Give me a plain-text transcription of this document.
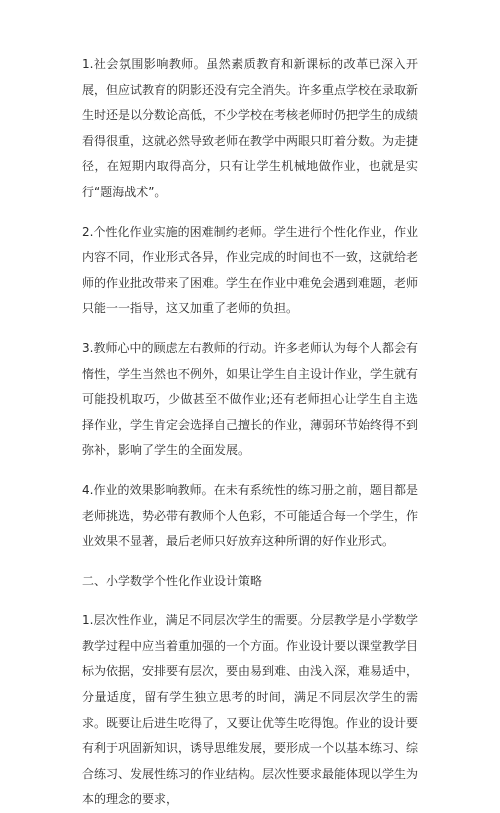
1.社会氛围影响教师。虽然素质教育和新课标的改革已深入开展，但应试教育的阴影还没有完全消失。许多重点学校在录取新生时还是以分数论高低，不少学校在考核老师时仍把学生的成绩看得很重，这就必然导致老师在教学中两眼只盯着分数。为走捷径，在短期内取得高分，只有让学生机械地做作业，也就是实行“题海战术”。

2.个性化作业实施的困难制约老师。学生进行个性化作业，作业内容不同，作业形式各异，作业完成的时间也不一致，这就给老师的作业批改带来了困难。学生在作业中难免会遇到难题，老师只能一一指导，这又加重了老师的负担。

3.教师心中的顾虑左右教师的行动。许多老师认为每个人都会有惰性，学生当然也不例外，如果让学生自主设计作业，学生就有可能投机取巧，少做甚至不做作业;还有老师担心让学生自主选择作业，学生肯定会选择自己擅长的作业，薄弱环节始终得不到弥补，影响了学生的全面发展。

4.作业的效果影响教师。在未有系统性的练习册之前，题目都是老师挑选，势必带有教师个人色彩，不可能适合每一个学生，作业效果不显著，最后老师只好放弃这种所谓的好作业形式。

二、小学数学个性化作业设计策略

1.层次性作业，满足不同层次学生的需要。分层教学是小学数学教学过程中应当着重加强的一个方面。作业设计要以课堂教学目标为依据，安排要有层次，要由易到难、由浅入深，难易适中，分量适度，留有学生独立思考的时间，满足不同层次学生的需求。既要让后进生吃得了，又要让优等生吃得饱。作业的设计要有利于巩固新知识，诱导思维发展，要形成一个以基本练习、综合练习、发展性练习的作业结构。层次性要求最能体现以学生为本的理念的要求，
